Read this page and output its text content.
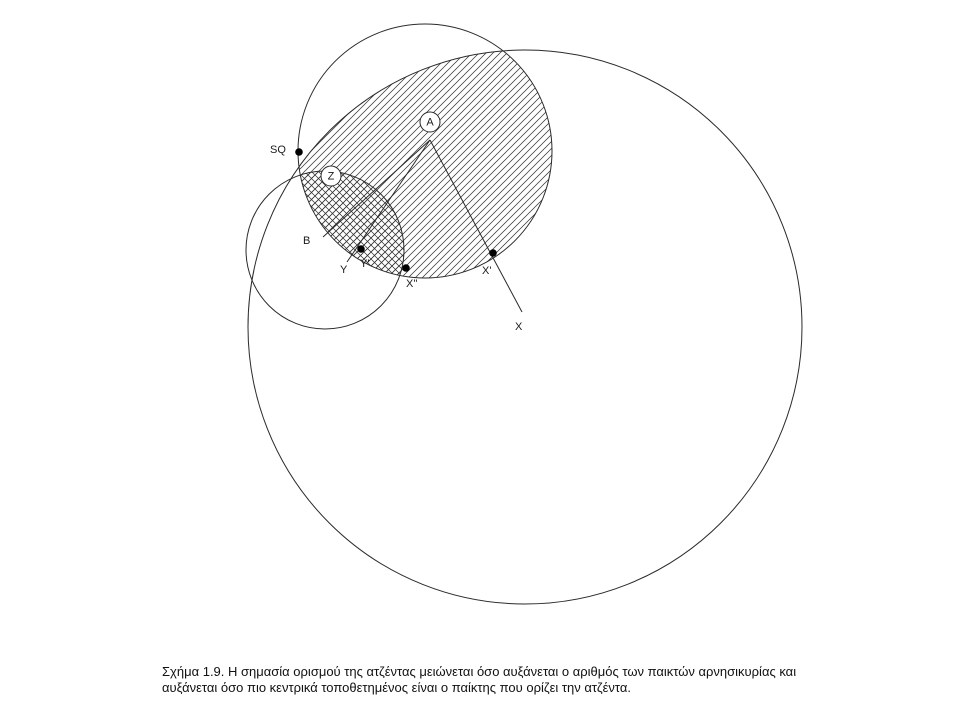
A
Z
SQ
B
Y Y'
X''
X'
X

Σχήμα 1.9. Η σημασία ορισμού της ατζέντας μειώνεται όσο αυξάνεται ο αριθμός των παικτών αρνησικυρίας και αυξάνεται όσο πιο κεντρικά τοποθετημένος είναι ο παίκτης που ορίζει την ατζέντα.
